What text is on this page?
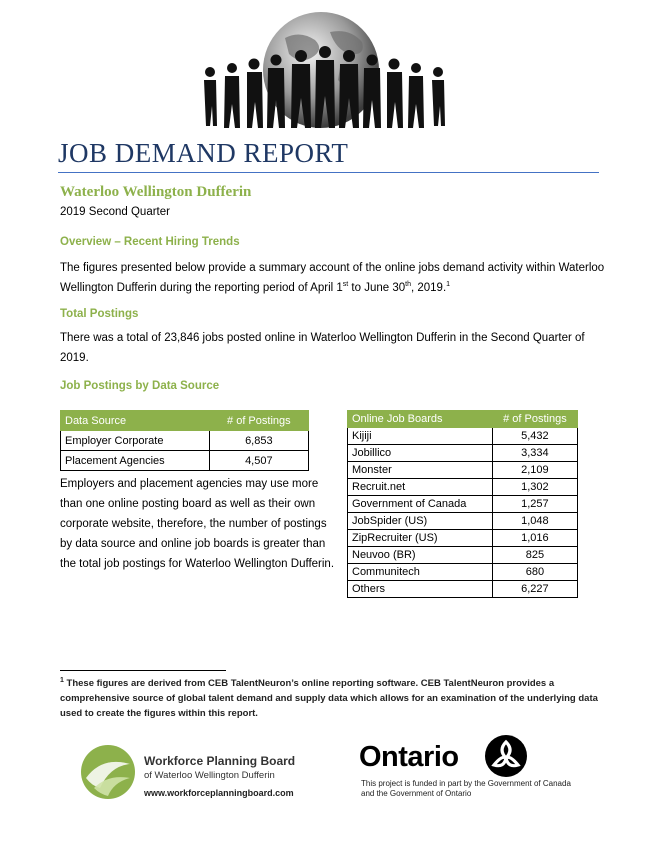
JOB DEMAND REPORT
Waterloo Wellington Dufferin
2019 Second Quarter
Overview – Recent Hiring Trends
The figures presented below provide a summary account of the online jobs demand activity within Waterloo Wellington Dufferin during the reporting period of April 1st to June 30th, 2019.$^1$
Total Postings
There was a total of 23,846 jobs posted online in Waterloo Wellington Dufferin in the Second Quarter of 2019.
Job Postings by Data Source
Data Source	# of Postings
Employer Corporate	6,853
Placement Agencies	4,507
Employers and placement agencies may use more than one online posting board as well as their own corporate website, therefore, the number of postings by data source and online job boards is greater than the total job postings for Waterloo Wellington Dufferin.
Online Job Boards	# of Postings
Kijiji	5,432
Jobillico	3,334
Monster	2,109
Recruit.net	1,302
Government of Canada	1,257
JobSpider (US)	1,048
ZipRecruiter (US)	1,016
Neuvoo (BR)	825
Communitech	680
Others	6,227
$^1$ These figures are derived from CEB TalentNeuron’s online reporting software. CEB TalentNeuron provides a comprehensive source of global talent demand and supply data which allows for an examination of the underlying data used to create the figures within this report.
Workforce Planning Board
of Waterloo Wellington Dufferin
www.workforceplanningboard.com
Ontario
This project is funded in part by the Government of Canada and the Government of Ontario
